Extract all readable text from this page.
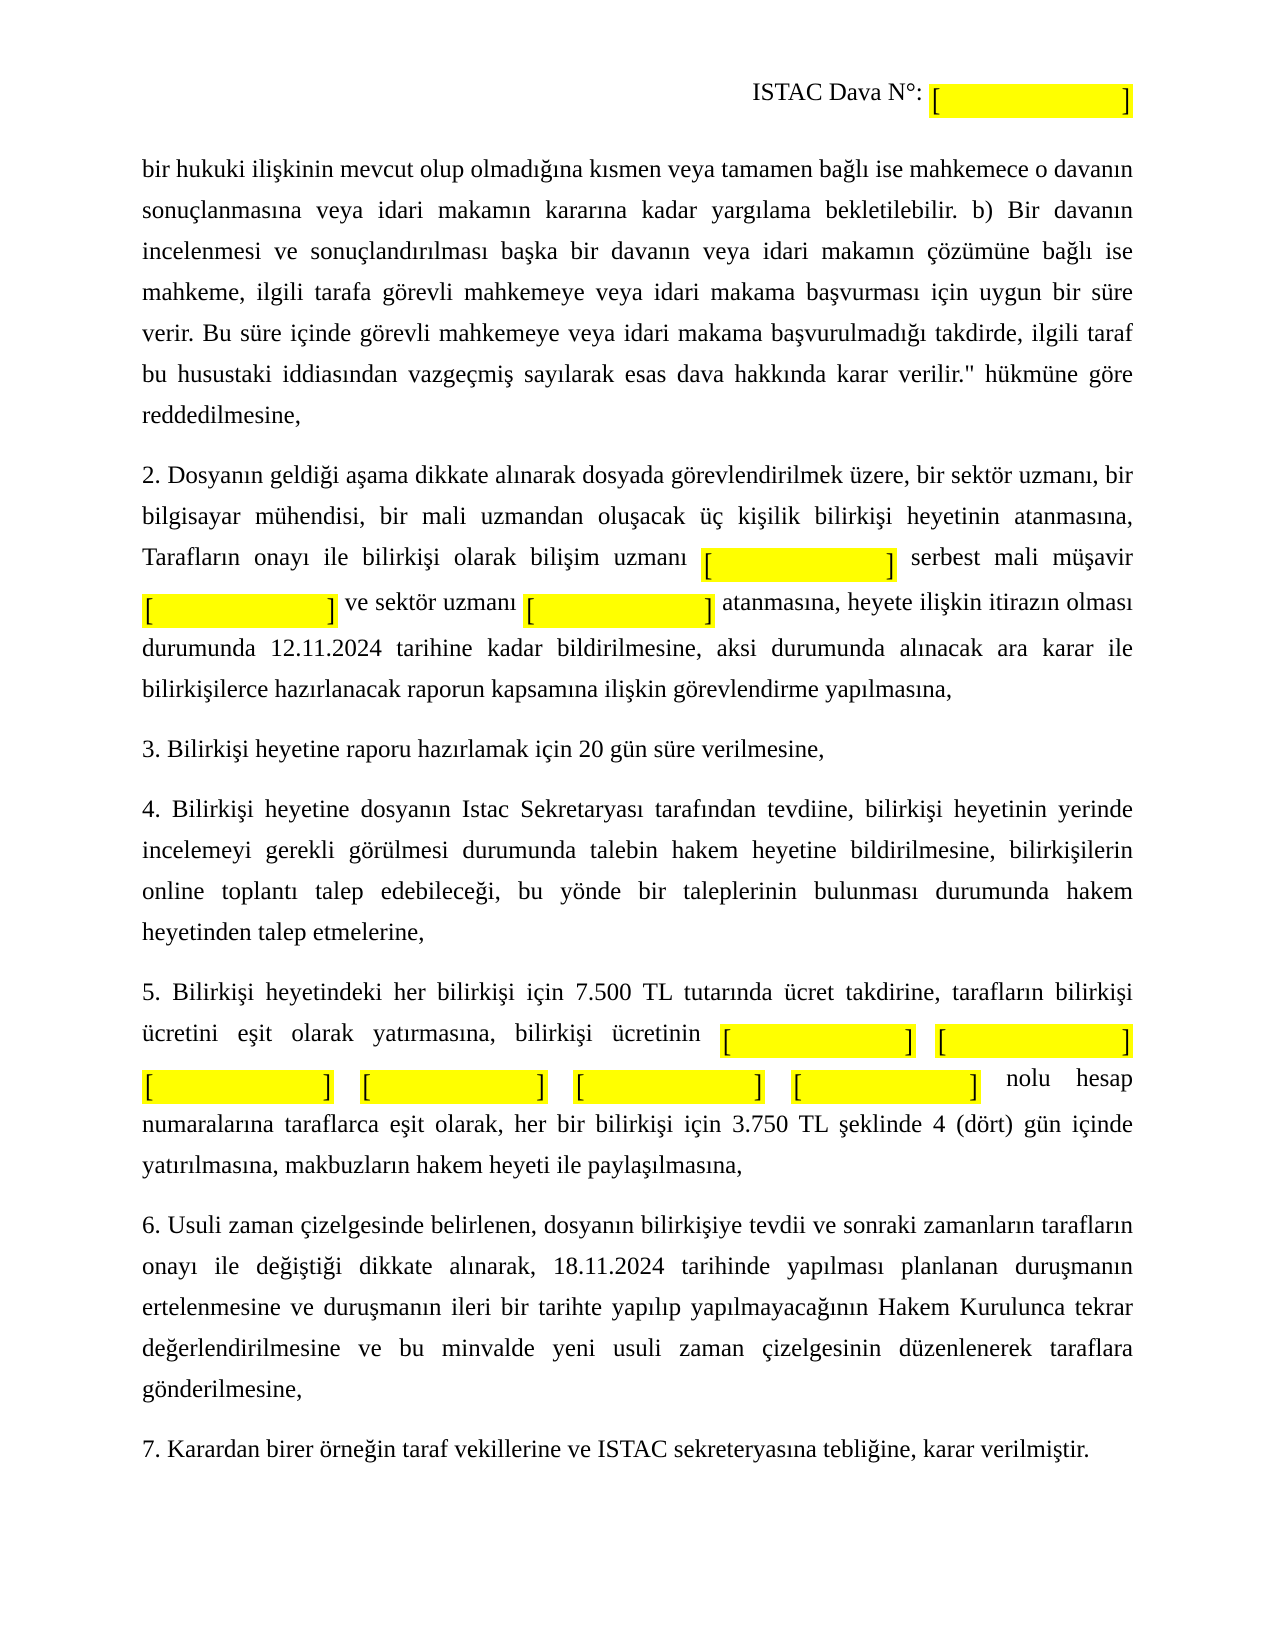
ISTAC Dava N°: [	]

bir hukuki ilişkinin mevcut olup olmadığına kısmen veya tamamen bağlı ise mahkemece o davanın sonuçlanmasına veya idari makamın kararına kadar yargılama bekletilebilir. b) Bir davanın incelenmesi ve sonuçlandırılması başka bir davanın veya idari makamın çözümüne bağlı ise mahkeme, ilgili tarafa görevli mahkemeye veya idari makama başvurması için uygun bir süre verir. Bu süre içinde görevli mahkemeye veya idari makama başvurulmadığı takdirde, ilgili taraf bu husustaki iddiasından vazgeçmiş sayılarak esas dava hakkında karar verilir." hükmüne göre reddedilmesine,

2. Dosyanın geldiği aşama dikkate alınarak dosyada görevlendirilmek üzere, bir sektör uzmanı, bir bilgisayar mühendisi, bir mali uzmandan oluşacak üç kişilik bilirkişi heyetinin atanmasına, Tarafların onayı ile bilirkişi olarak bilişim uzmanı [	] serbest mali müşavir
[	] ve sektör uzmanı [	] atanmasına, heyete ilişkin itirazın olması durumunda 12.11.2024 tarihine kadar bildirilmesine, aksi durumunda alınacak ara karar ile bilirkişilerce hazırlanacak raporun kapsamına ilişkin görevlendirme yapılmasına,

3. Bilirkişi heyetine raporu hazırlamak için 20 gün süre verilmesine,

4. Bilirkişi heyetine dosyanın Istac Sekretaryası tarafından tevdiine, bilirkişi heyetinin yerinde incelemeyi gerekli görülmesi durumunda talebin hakem heyetine bildirilmesine, bilirkişilerin online toplantı talep edebileceği, bu yönde bir taleplerinin bulunması durumunda hakem heyetinden talep etmelerine,

5. Bilirkişi heyetindeki her bilirkişi için 7.500 TL tutarında ücret takdirine, tarafların bilirkişi ücretini eşit olarak yatırmasına, bilirkişi ücretinin [	]
[	]

[	]
[	]
[	]
[	] nolu hesap numaralarına taraflarca eşit olarak, her bir bilirkişi için 3.750 TL şeklinde 4 (dört) gün içinde yatırılmasına, makbuzların hakem heyeti ile paylaşılmasına,

6. Usuli zaman çizelgesinde belirlenen, dosyanın bilirkişiye tevdii ve sonraki zamanların tarafların onayı ile değiştiği dikkate alınarak, 18.11.2024 tarihinde yapılması planlanan duruşmanın ertelenmesine ve duruşmanın ileri bir tarihte yapılıp yapılmayacağının Hakem Kurulunca tekrar değerlendirilmesine ve bu minvalde yeni usuli zaman çizelgesinin düzenlenerek taraflara gönderilmesine,

7. Karardan birer örneğin taraf vekillerine ve ISTAC sekreteryasına tebliğine, karar verilmiştir.
